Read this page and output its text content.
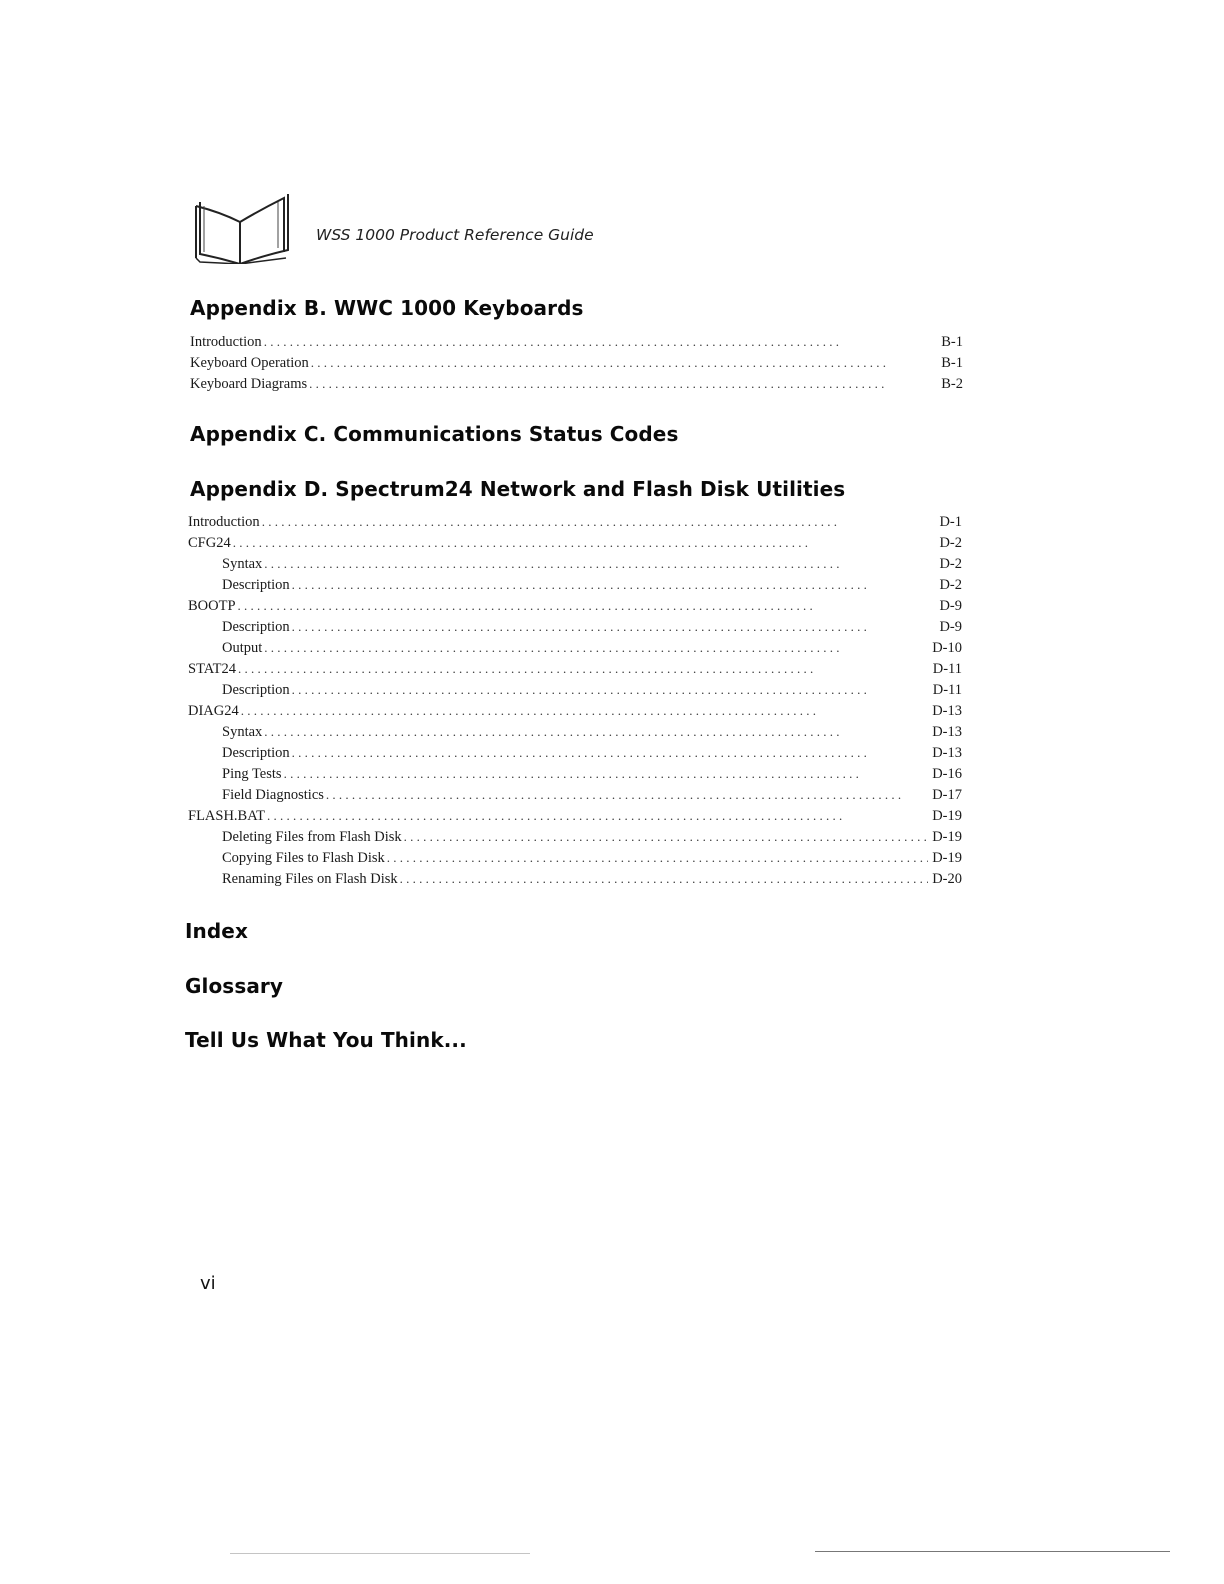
WSS 1000 Product Reference Guide
Appendix B. WWC 1000 Keyboards
Introduction . . .	B-1
Keyboard Operation . . .	B-1
Keyboard Diagrams . . .	B-2
Appendix C. Communications Status Codes
Appendix D. Spectrum24 Network and Flash Disk Utilities
Introduction . . .	D-1
CFG24 . . .	D-2
Syntax . . .	D-2
Description . . .	D-2
BOOTP . . .	D-9
Description . . .	D-9
Output . . .	D-10
STAT24 . . .	D-11
Description . . .	D-11
DIAG24 . . .	D-13
Syntax . . .	D-13
Description . . .	D-13
Ping Tests . . .	D-16
Field Diagnostics . . .	D-17
FLASH.BAT . . .	D-19
Deleting Files from Flash Disk . . .	D-19
Copying Files to Flash Disk . . .	D-19
Renaming Files on Flash Disk . . .	D-20
Index
Glossary
Tell Us What You Think...
vi
